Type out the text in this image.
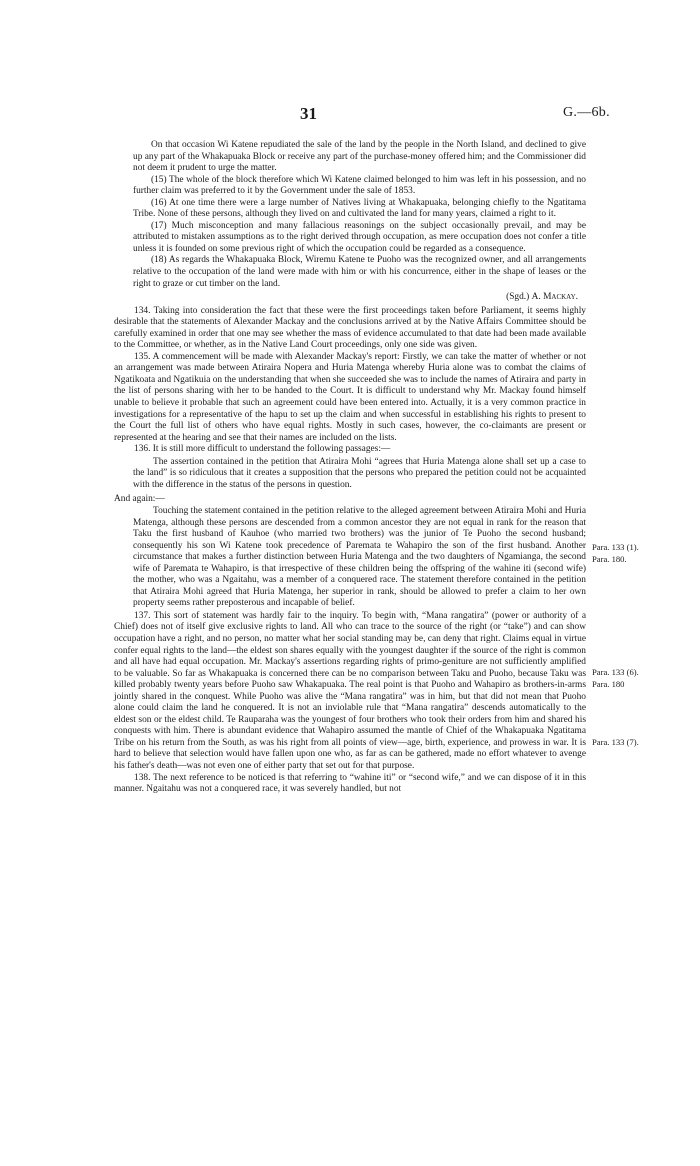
31	G.—6b.

On that occasion Wi Katene repudiated the sale of the land by the people in the North Island, and declined to give up any part of the Whakapuaka Block or receive any part of the purchase-money offered him; and the Commissioner did not deem it prudent to urge the matter.

(15) The whole of the block therefore which Wi Katene claimed belonged to him was left in his possession, and no further claim was preferred to it by the Government under the sale of 1853.

(16) At one time there were a large number of Natives living at Whakapuaka, belonging chiefly to the Ngatitama Tribe. None of these persons, although they lived on and cultivated the land for many years, claimed a right to it.

(17) Much misconception and many fallacious reasonings on the subject occasionally prevail, and may be attributed to mistaken assumptions as to the right derived through occupation, as mere occupation does not confer a title unless it is founded on some previous right of which the occupation could be regarded as a consequence.

(18) As regards the Whakapuaka Block, Wiremu Katene te Puoho was the recognized owner, and all arrangements relative to the occupation of the land were made with him or with his concurrence, either in the shape of leases or the right to graze or cut timber on the land.

(Sgd.) A. Mackay.

134. Taking into consideration the fact that these were the first proceedings taken before Parliament, it seems highly desirable that the statements of Alexander Mackay and the conclusions arrived at by the Native Affairs Committee should be carefully examined in order that one may see whether the mass of evidence accumulated to that date had been made available to the Committee, or whether, as in the Native Land Court proceedings, only one side was given.

135. A commencement will be made with Alexander Mackay's report: Firstly, we can take the matter of whether or not an arrangement was made between Atiraira Nopera and Huria Matenga whereby Huria alone was to combat the claims of Ngatikoata and Ngatikuia on the understanding that when she succeeded she was to include the names of Atiraira and party in the list of persons sharing with her to be handed to the Court. It is difficult to understand why Mr. Mackay found himself unable to believe it probable that such an agreement could have been entered into. Actually, it is a very common practice in investigations for a representative of the hapu to set up the claim and when successful in establishing his rights to present to the Court the full list of others who have equal rights. Mostly in such cases, however, the co-claimants are present or represented at the hearing and see that their names are included on the lists.

136. It is still more difficult to understand the following passages:—

The assertion contained in the petition that Atiraira Mohi “agrees that Huria Matenga alone shall set up a case to the land” is so ridiculous that it creates a supposition that the persons who prepared the petition could not be acquainted with the difference in the status of the persons in question.

And again:—

Touching the statement contained in the petition relative to the alleged agreement between Atiraira Mohi and Huria Matenga, although these persons are descended from a common ancestor they are not equal in rank for the reason that Taku the first husband of Kauhoe (who married two brothers) was the junior of Te Puoho the second husband; consequently his son Wi Katene took precedence of Paremata te Wahapiro the son of the first husband. Another circumstance that makes a further distinction between Huria Matenga and the two daughters of Ngamianga, the second wife of Paremata te Wahapiro, is that irrespective of these children being the offspring of the wahine iti (second wife) the mother, who was a Ngaitahu, was a member of a conquered race. The statement therefore contained in the petition that Atiraira Mohi agreed that Huria Matenga, her superior in rank, should be allowed to prefer a claim to her own property seems rather preposterous and incapable of belief.

137. This sort of statement was hardly fair to the inquiry. To begin with, “Mana rangatira” (power or authority of a Chief) does not of itself give exclusive rights to land. All who can trace to the source of the right (or “take”) and can show occupation have a right, and no person, no matter what her social standing may be, can deny that right. Claims equal in virtue confer equal rights to the land—the eldest son shares equally with the youngest daughter if the source of the right is common and all have had equal occupation. Mr. Mackay's assertions regarding rights of primo-geniture are not sufficiently amplified to be valuable. So far as Whakapuaka is concerned there can be no comparison between Taku and Puoho, because Taku was killed probably twenty years before Puoho saw Whakapuaka. The real point is that Puoho and Wahapiro as brothers-in-arms jointly shared in the conquest. While Puoho was alive the “Mana rangatira” was in him, but that did not mean that Puoho alone could claim the land he conquered. It is not an inviolable rule that “Mana rangatira” descends automatically to the eldest son or the eldest child. Te Rauparaha was the youngest of four brothers who took their orders from him and shared his conquests with him. There is abundant evidence that Wahapiro assumed the mantle of Chief of the Whakapuaka Ngatitama Tribe on his return from the South, as was his right from all points of view—age, birth, experience, and prowess in war. It is hard to believe that selection would have fallen upon one who, as far as can be gathered, made no effort whatever to avenge his father's death—was not even one of either party that set out for that purpose.

138. The next reference to be noticed is that referring to “wahine iti” or “second wife,” and we can dispose of it in this manner. Ngaitahu was not a conquered race, it was severely handled, but not

Para. 133 (1).
Para. 180.
Para. 133 (6).
Para. 180
Para. 133 (7).
